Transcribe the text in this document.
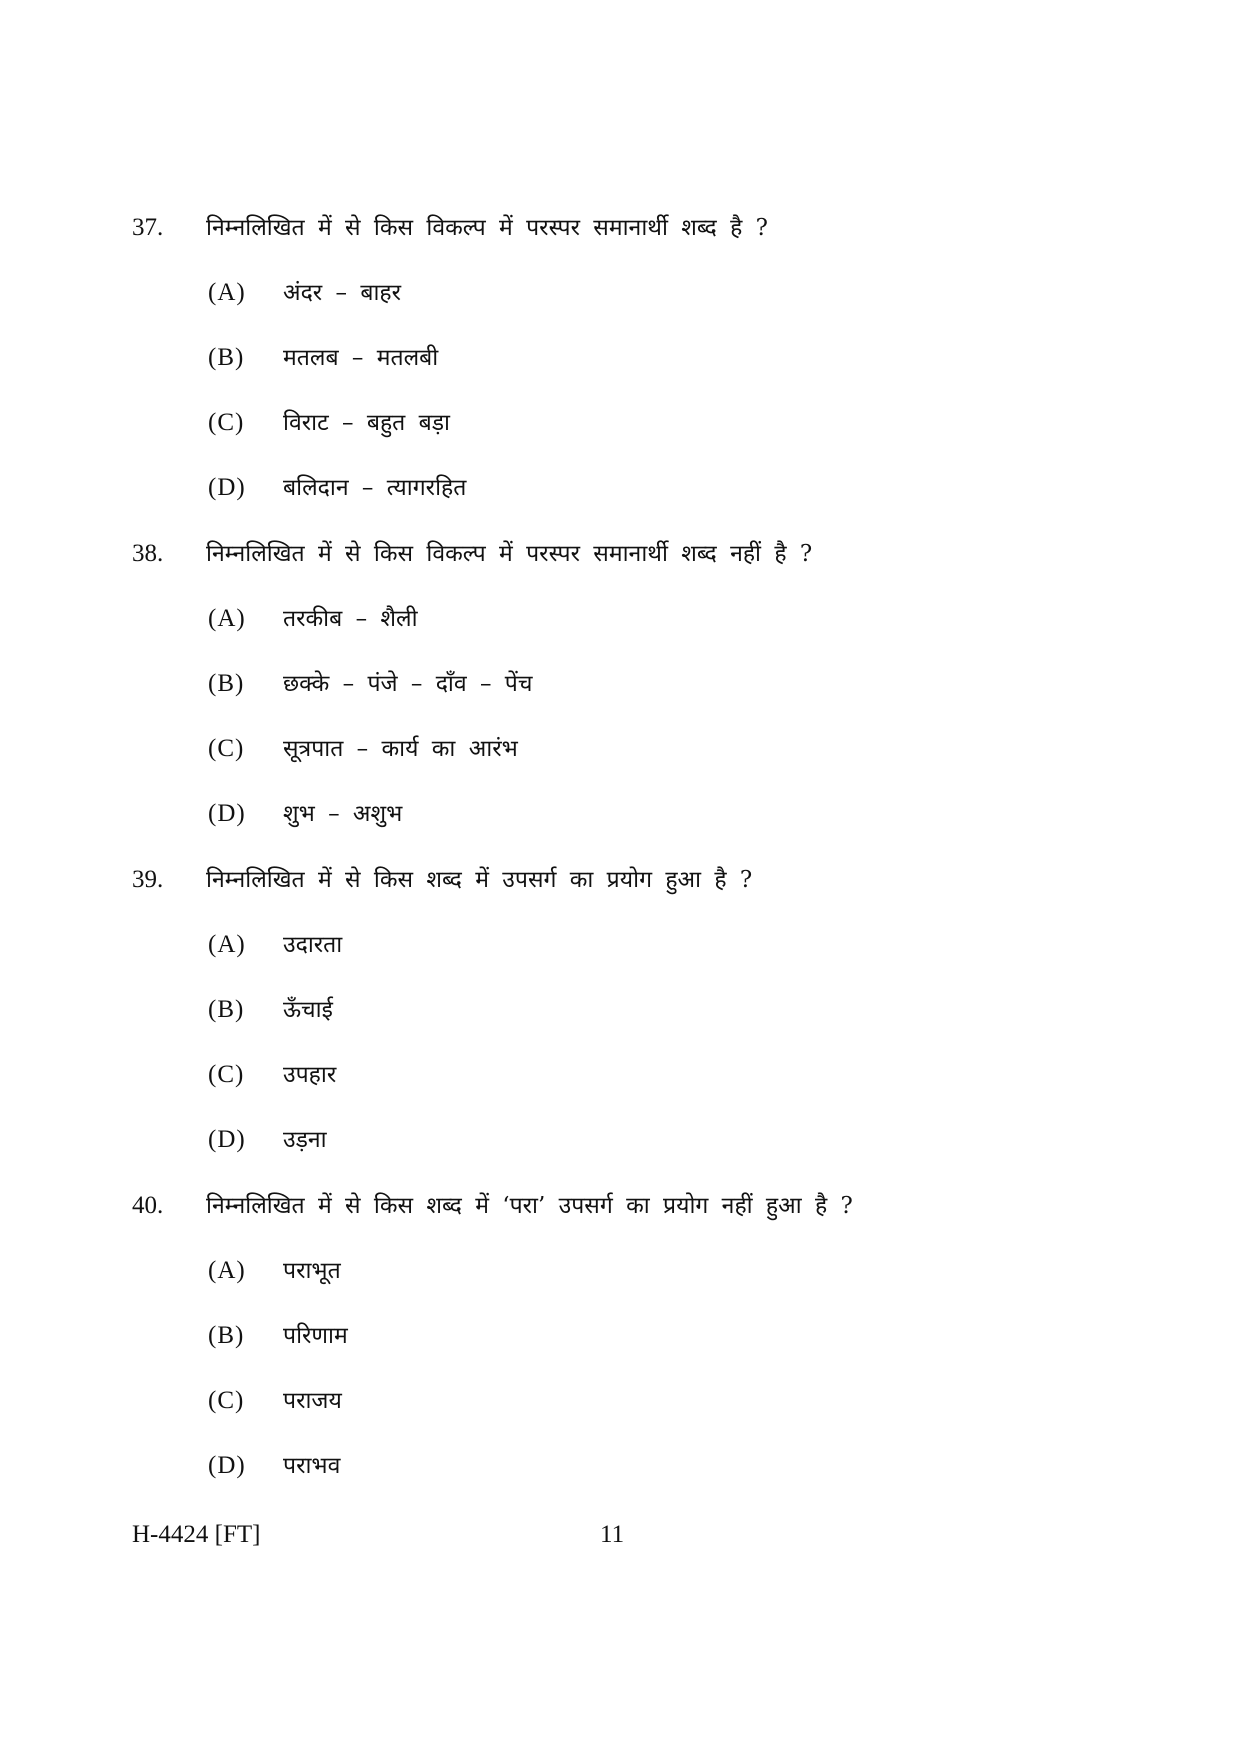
37. निम्नलिखित में से किस विकल्प में परस्पर समानार्थी शब्द है ?
(A) अंदर – बाहर
(B) मतलब – मतलबी
(C) विराट – बहुत बड़ा
(D) बलिदान – त्यागरहित
38. निम्नलिखित में से किस विकल्प में परस्पर समानार्थी शब्द नहीं है ?
(A) तरकीब – शैली
(B) छक्के – पंजे – दाँव – पेंच
(C) सूत्रपात – कार्य का आरंभ
(D) शुभ – अशुभ
39. निम्नलिखित में से किस शब्द में उपसर्ग का प्रयोग हुआ है ?
(A) उदारता
(B) ऊँचाई
(C) उपहार
(D) उड़ना
40. निम्नलिखित में से किस शब्द में ‘परा’ उपसर्ग का प्रयोग नहीं हुआ है ?
(A) पराभूत
(B) परिणाम
(C) पराजय
(D) पराभव
H-4424 [FT]	11
